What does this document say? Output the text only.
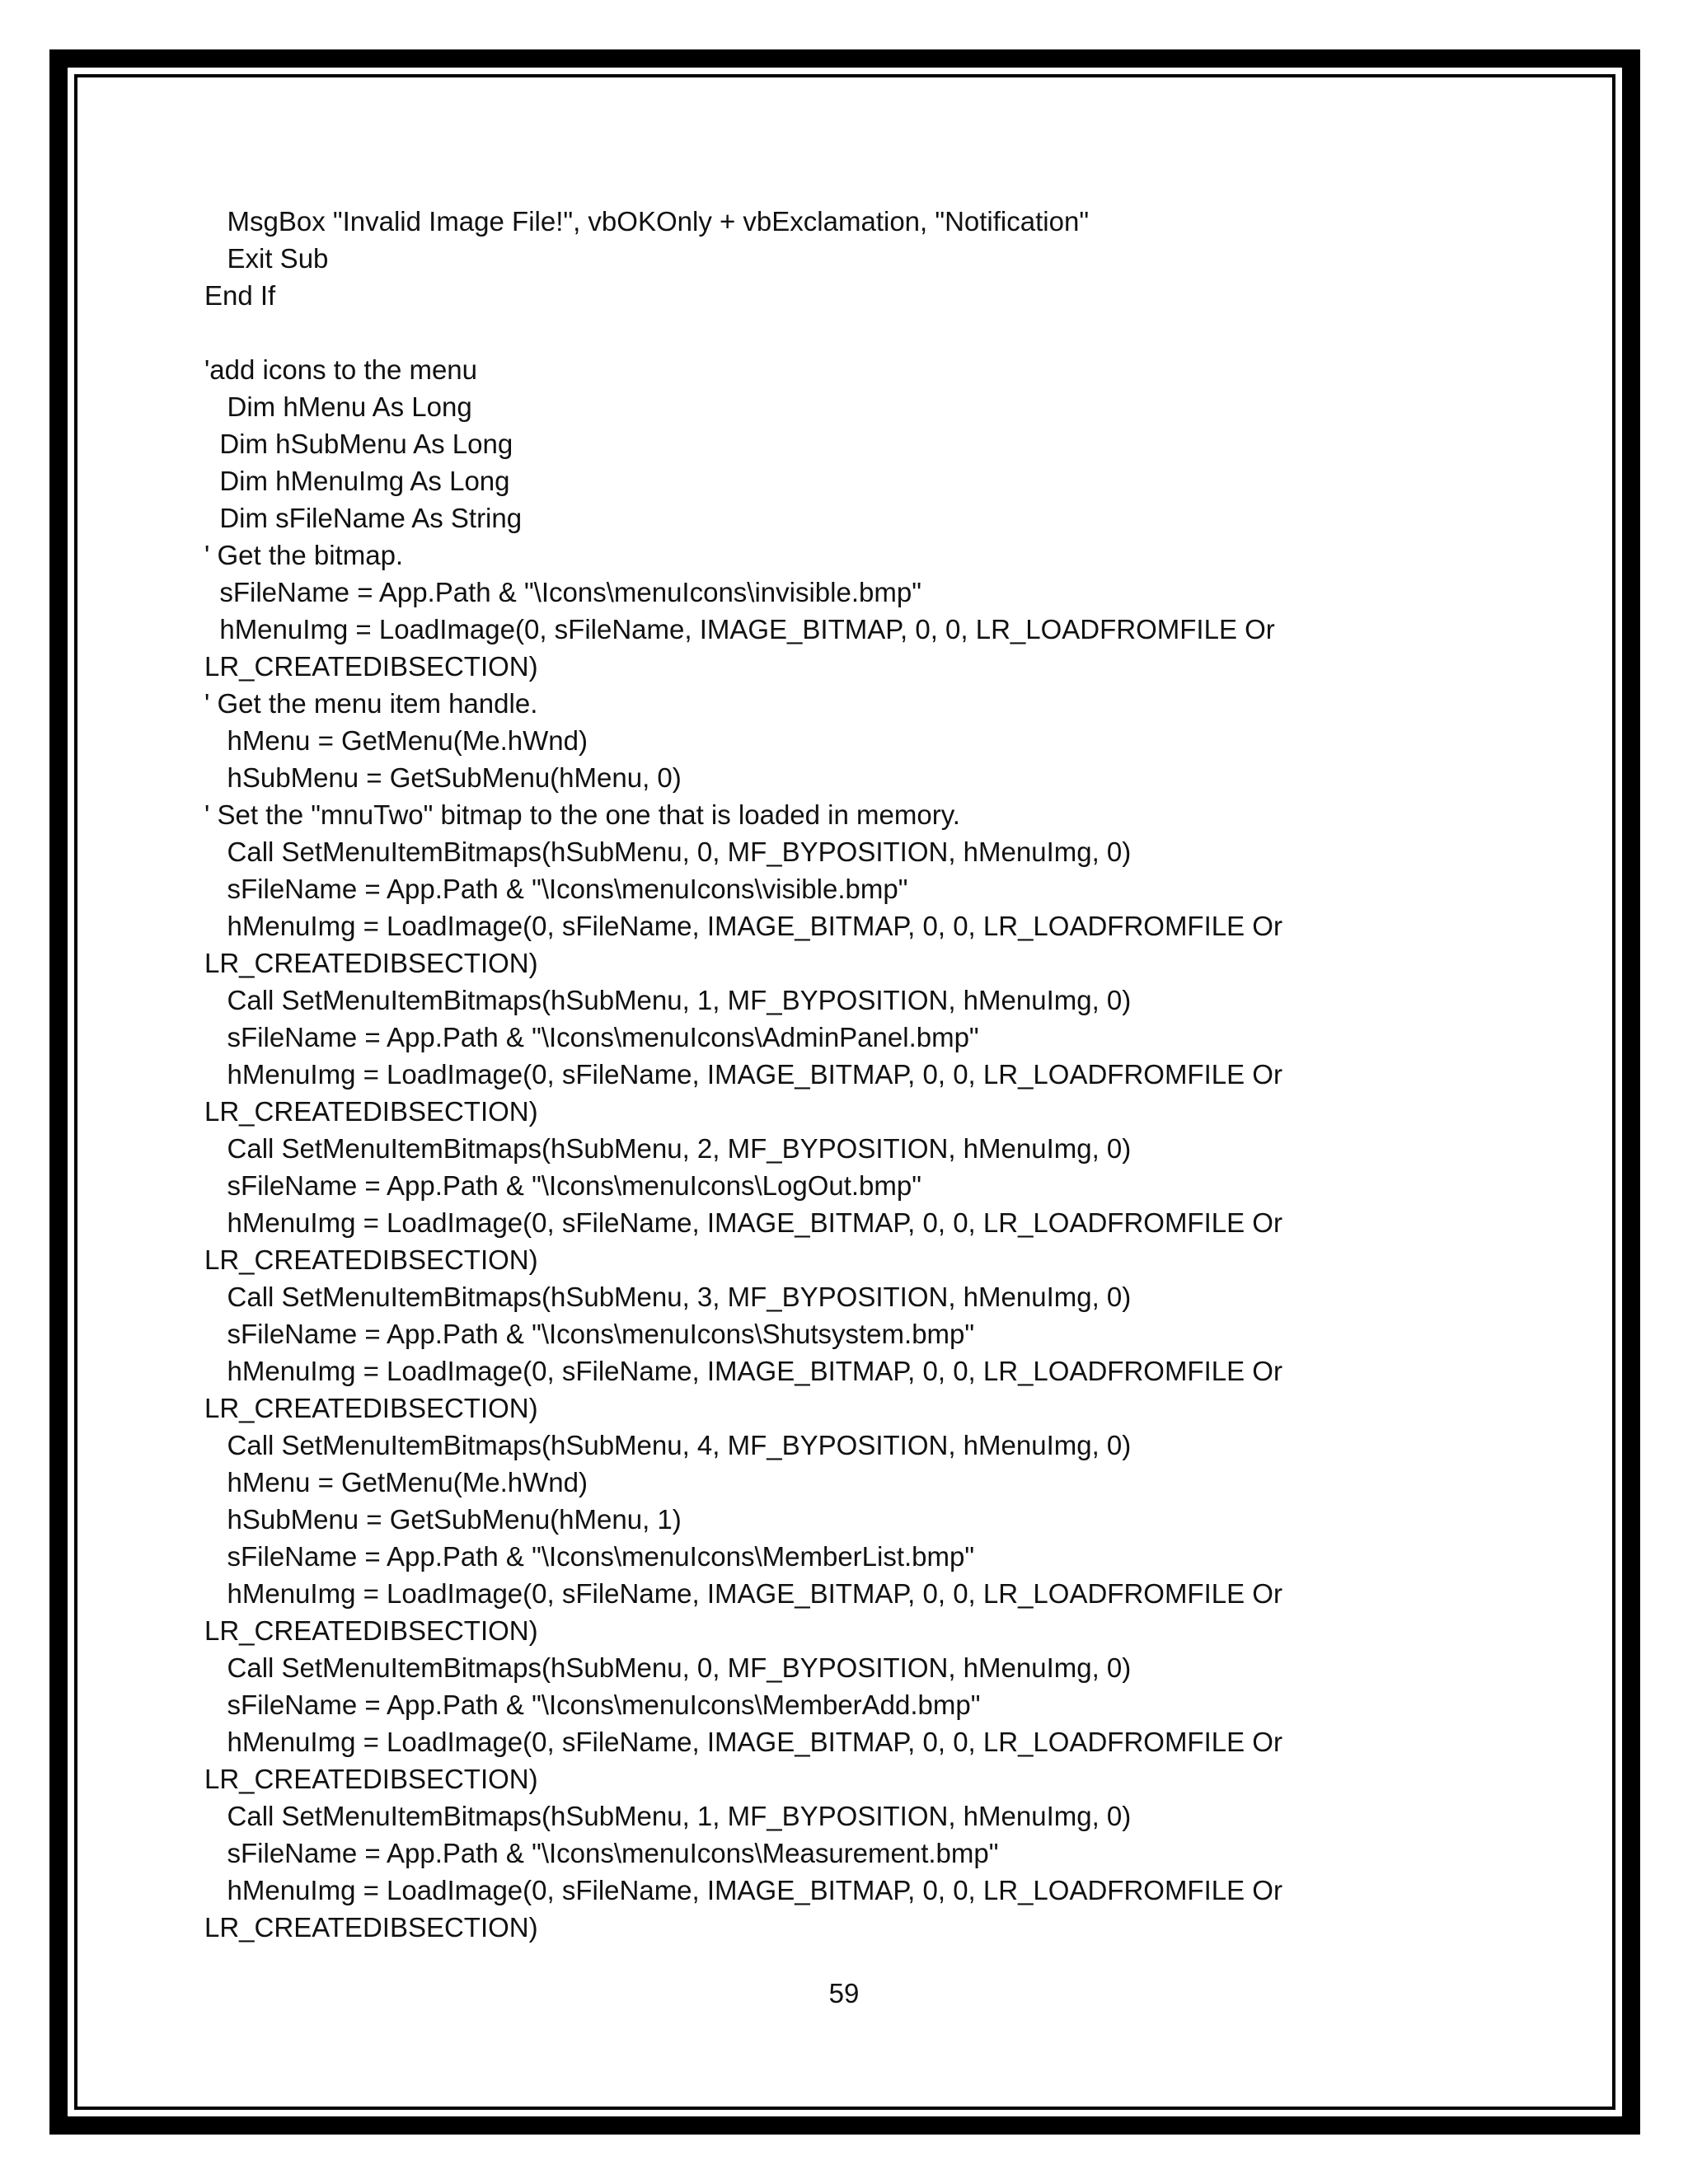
MsgBox "Invalid Image File!", vbOKOnly + vbExclamation, "Notification"
Exit Sub
End If
'add icons to the menu
Dim hMenu As Long
Dim hSubMenu As Long
Dim hMenuImg As Long
Dim sFileName As String
' Get the bitmap.
sFileName = App.Path & "\Icons\menuIcons\invisible.bmp"
hMenuImg = LoadImage(0, sFileName, IMAGE_BITMAP, 0, 0, LR_LOADFROMFILE Or
LR_CREATEDIBSECTION)
' Get the menu item handle.
hMenu = GetMenu(Me.hWnd)
hSubMenu = GetSubMenu(hMenu, 0)
' Set the "mnuTwo" bitmap to the one that is loaded in memory.
Call SetMenuItemBitmaps(hSubMenu, 0, MF_BYPOSITION, hMenuImg, 0)
sFileName = App.Path & "\Icons\menuIcons\visible.bmp"
hMenuImg = LoadImage(0, sFileName, IMAGE_BITMAP, 0, 0, LR_LOADFROMFILE Or
LR_CREATEDIBSECTION)
Call SetMenuItemBitmaps(hSubMenu, 1, MF_BYPOSITION, hMenuImg, 0)
sFileName = App.Path & "\Icons\menuIcons\AdminPanel.bmp"
hMenuImg = LoadImage(0, sFileName, IMAGE_BITMAP, 0, 0, LR_LOADFROMFILE Or
LR_CREATEDIBSECTION)
Call SetMenuItemBitmaps(hSubMenu, 2, MF_BYPOSITION, hMenuImg, 0)
sFileName = App.Path & "\Icons\menuIcons\LogOut.bmp"
hMenuImg = LoadImage(0, sFileName, IMAGE_BITMAP, 0, 0, LR_LOADFROMFILE Or
LR_CREATEDIBSECTION)
Call SetMenuItemBitmaps(hSubMenu, 3, MF_BYPOSITION, hMenuImg, 0)
sFileName = App.Path & "\Icons\menuIcons\Shutsystem.bmp"
hMenuImg = LoadImage(0, sFileName, IMAGE_BITMAP, 0, 0, LR_LOADFROMFILE Or
LR_CREATEDIBSECTION)
Call SetMenuItemBitmaps(hSubMenu, 4, MF_BYPOSITION, hMenuImg, 0)
hMenu = GetMenu(Me.hWnd)
hSubMenu = GetSubMenu(hMenu, 1)
sFileName = App.Path & "\Icons\menuIcons\MemberList.bmp"
hMenuImg = LoadImage(0, sFileName, IMAGE_BITMAP, 0, 0, LR_LOADFROMFILE Or
LR_CREATEDIBSECTION)
Call SetMenuItemBitmaps(hSubMenu, 0, MF_BYPOSITION, hMenuImg, 0)
sFileName = App.Path & "\Icons\menuIcons\MemberAdd.bmp"
hMenuImg = LoadImage(0, sFileName, IMAGE_BITMAP, 0, 0, LR_LOADFROMFILE Or
LR_CREATEDIBSECTION)
Call SetMenuItemBitmaps(hSubMenu, 1, MF_BYPOSITION, hMenuImg, 0)
sFileName = App.Path & "\Icons\menuIcons\Measurement.bmp"
hMenuImg = LoadImage(0, sFileName, IMAGE_BITMAP, 0, 0, LR_LOADFROMFILE Or
LR_CREATEDIBSECTION)
59
